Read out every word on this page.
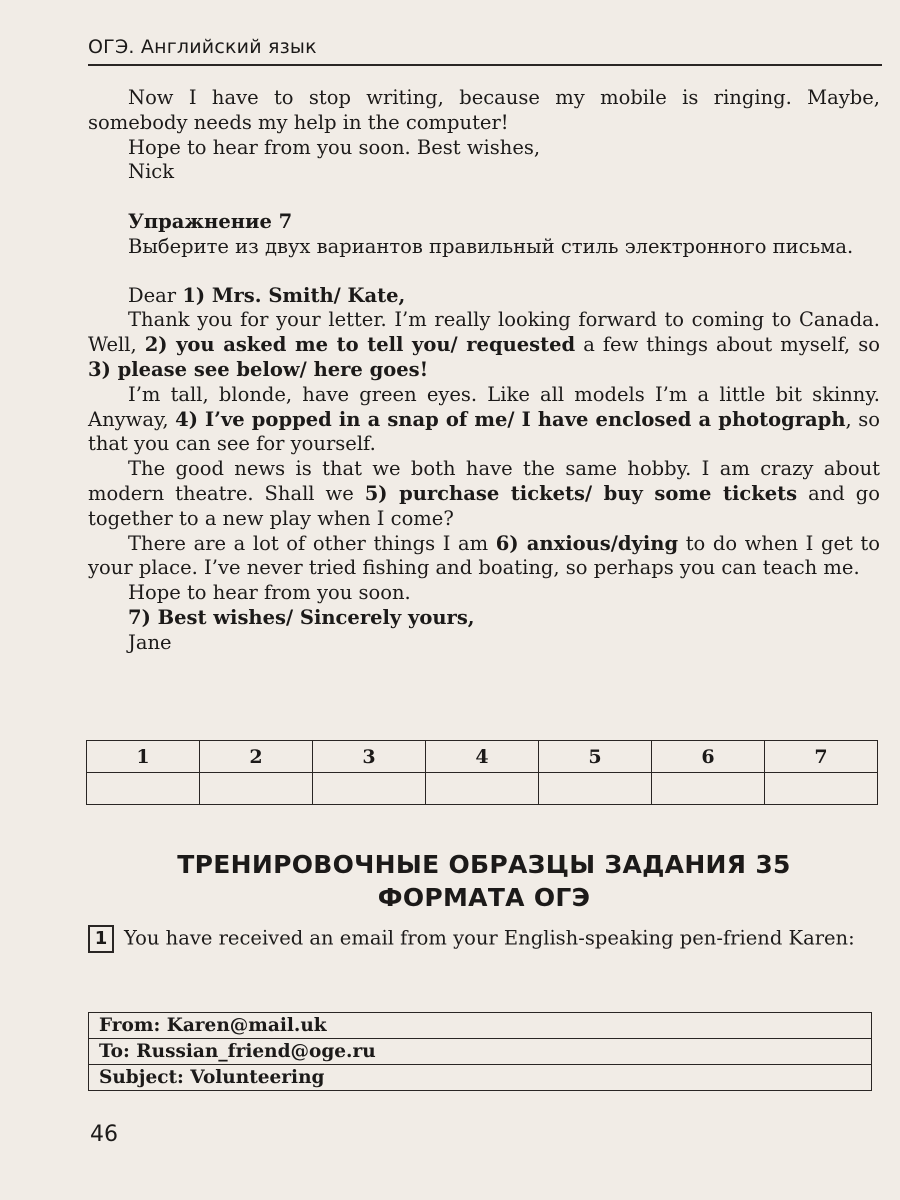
ОГЭ. Английский язык

Now I have to stop writing, because my mobile is ringing. Maybe, somebody needs my help in the computer!

Hope to hear from you soon. Best wishes,

Nick

Упражнение 7

Выберите из двух вариантов правильный стиль электронного письма.

Dear 1) Mrs. Smith/ Kate,

Thank you for your letter. I’m really looking forward to coming to Canada. Well, 2) you asked me to tell you/ requested a few things about myself, so 3) please see below/ here goes!

I’m tall, blonde, have green eyes. Like all models I’m a little bit skinny. Anyway, 4) I’ve popped in a snap of me/ I have enclosed a photograph, so that you can see for yourself.

The good news is that we both have the same hobby. I am crazy about modern theatre. Shall we 5) purchase tickets/ buy some tickets and go together to a new play when I come?

There are a lot of other things I am 6) anxious/dying to do when I get to your place. I’ve never tried fishing and boating, so perhaps you can teach me.

Hope to hear from you soon.

7) Best wishes/ Sincerely yours,

Jane

1	2	3	4	5	6	7

ТРЕНИРОВОЧНЫЕ ОБРАЗЦЫ ЗАДАНИЯ 35
ФОРМАТА ОГЭ
1 You have received an email from your English-speaking pen-friend Karen:
From: Karen@mail.uk
To: Russian_friend@oge.ru
Subject: Volunteering
46
